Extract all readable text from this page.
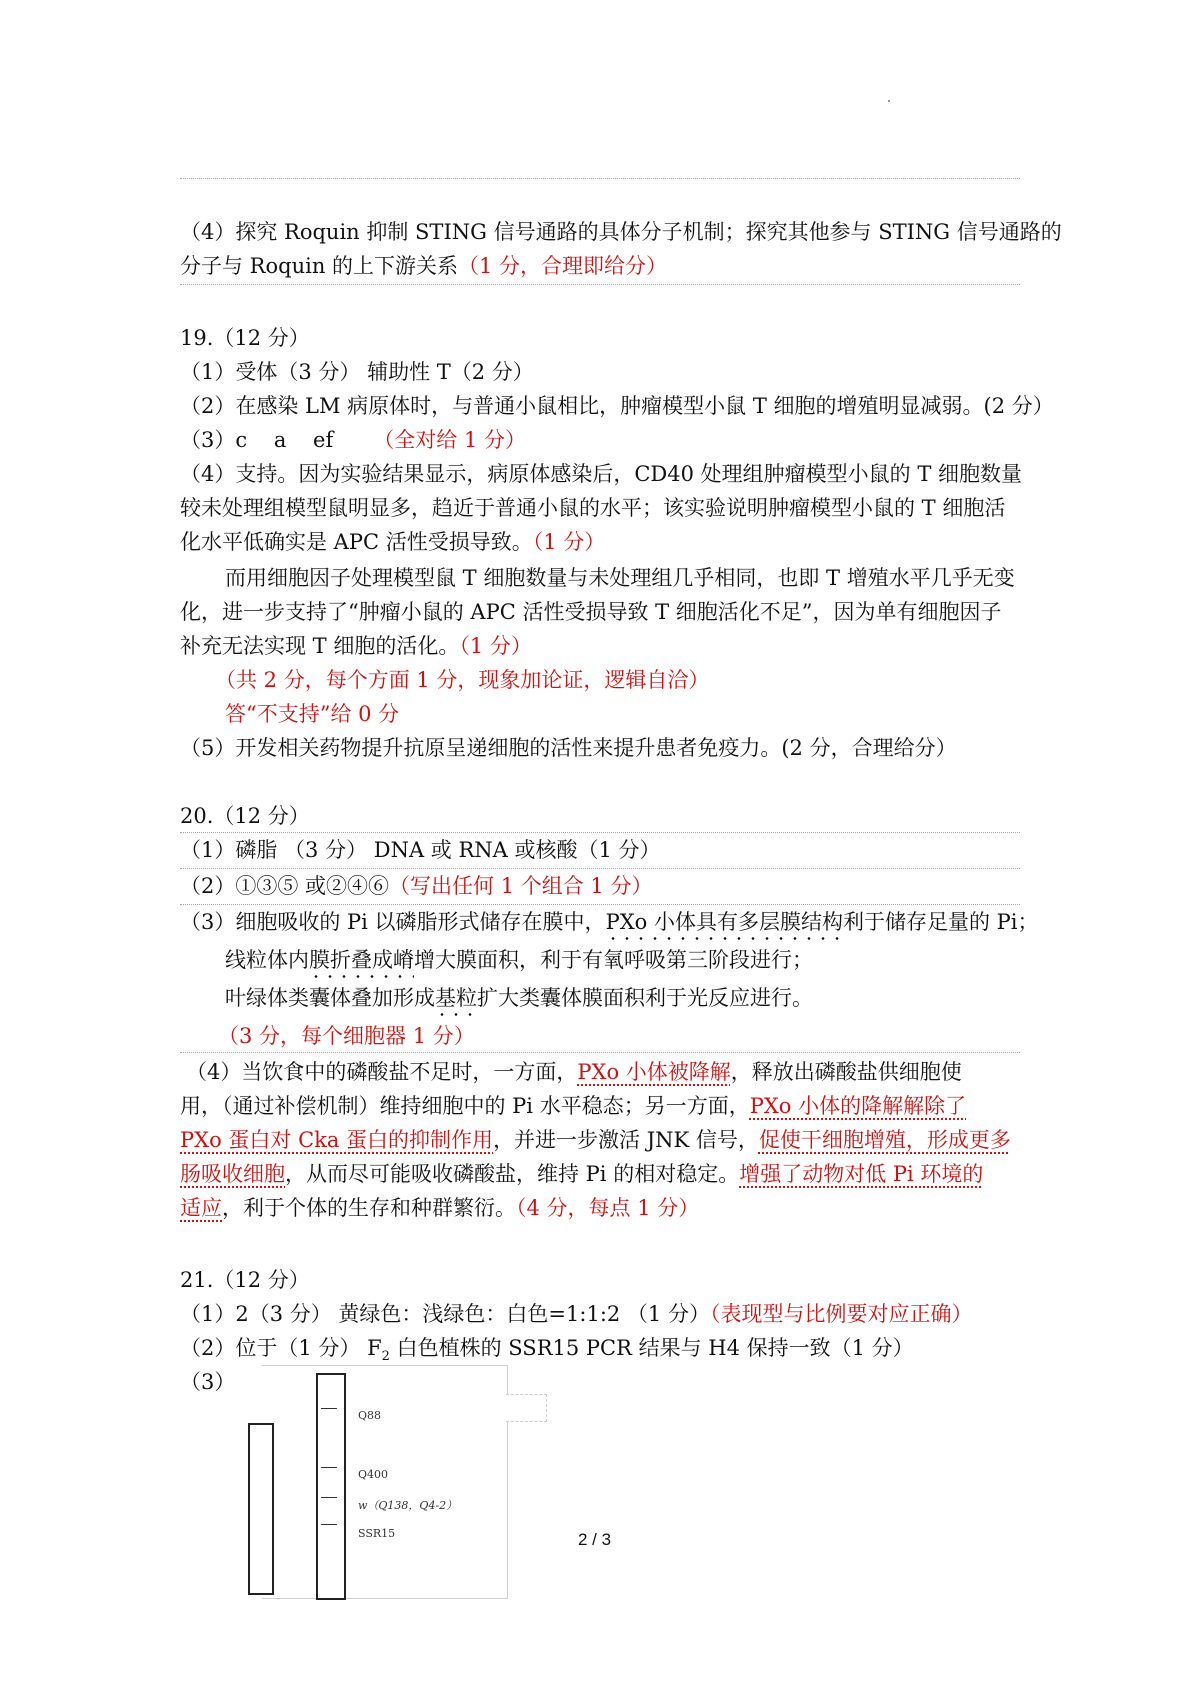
（4）探究 Roquin 抑制 STING 信号通路的具体分子机制；探究其他参与 STING 信号通路的
分子与 Roquin 的上下游关系（1 分，合理即给分）
19.（12 分）
（1）受体（3 分） 辅助性 T（2 分）
（2）在感染 LM 病原体时，与普通小鼠相比，肿瘤模型小鼠 T 细胞的增殖明显减弱。(2 分）
（3）c    a    ef      （全对给 1 分）
（4）支持。因为实验结果显示，病原体感染后，CD40 处理组肿瘤模型小鼠的 T 细胞数量
较未处理组模型鼠明显多，趋近于普通小鼠的水平；该实验说明肿瘤模型小鼠的 T 细胞活
化水平低确实是 APC 活性受损导致。（1 分）
而用细胞因子处理模型鼠 T 细胞数量与未处理组几乎相同，也即 T 增殖水平几乎无变
化，进一步支持了“肿瘤小鼠的 APC 活性受损导致 T 细胞活化不足”，因为单有细胞因子
补充无法实现 T 细胞的活化。（1 分）
（共 2 分，每个方面 1 分，现象加论证，逻辑自洽）
答“不支持”给 0 分
（5）开发相关药物提升抗原呈递细胞的活性来提升患者免疫力。(2 分，合理给分）
20.（12 分）
（1）磷脂 （3 分） DNA 或 RNA 或核酸（1 分）
（2）①③⑤ 或②④⑥（写出任何 1 个组合 1 分）
（3）细胞吸收的 Pi 以磷脂形式储存在膜中，PXo 小体具有多层膜结构利于储存足量的 Pi；
线粒体内膜折叠成嵴增大膜面积，利于有氧呼吸第三阶段进行；
叶绿体类囊体叠加形成基粒扩大类囊体膜面积利于光反应进行。
（3 分，每个细胞器 1 分）
（4）当饮食中的磷酸盐不足时，一方面，PXo 小体被降解，释放出磷酸盐供细胞使
用，（通过补偿机制）维持细胞中的 Pi 水平稳态；另一方面，PXo 小体的降解解除了
PXo 蛋白对 Cka 蛋白的抑制作用，并进一步激活 JNK 信号，促使干细胞增殖，形成更多
肠吸收细胞，从而尽可能吸收磷酸盐，维持 Pi 的相对稳定。增强了动物对低 Pi 环境的
适应，利于个体的生存和种群繁衍。（4 分，每点 1 分）
21.（12 分）
（1）2（3 分） 黄绿色：浅绿色：白色=1:1:2 （1 分）（表现型与比例要对应正确）
（2）位于（1 分） $F_2$ 白色植株的 SSR15 PCR 结果与 H4 保持一致（1 分）
（3）
Q88
Q400
w（Q138，Q4-2）
SSR15	2 / 3
